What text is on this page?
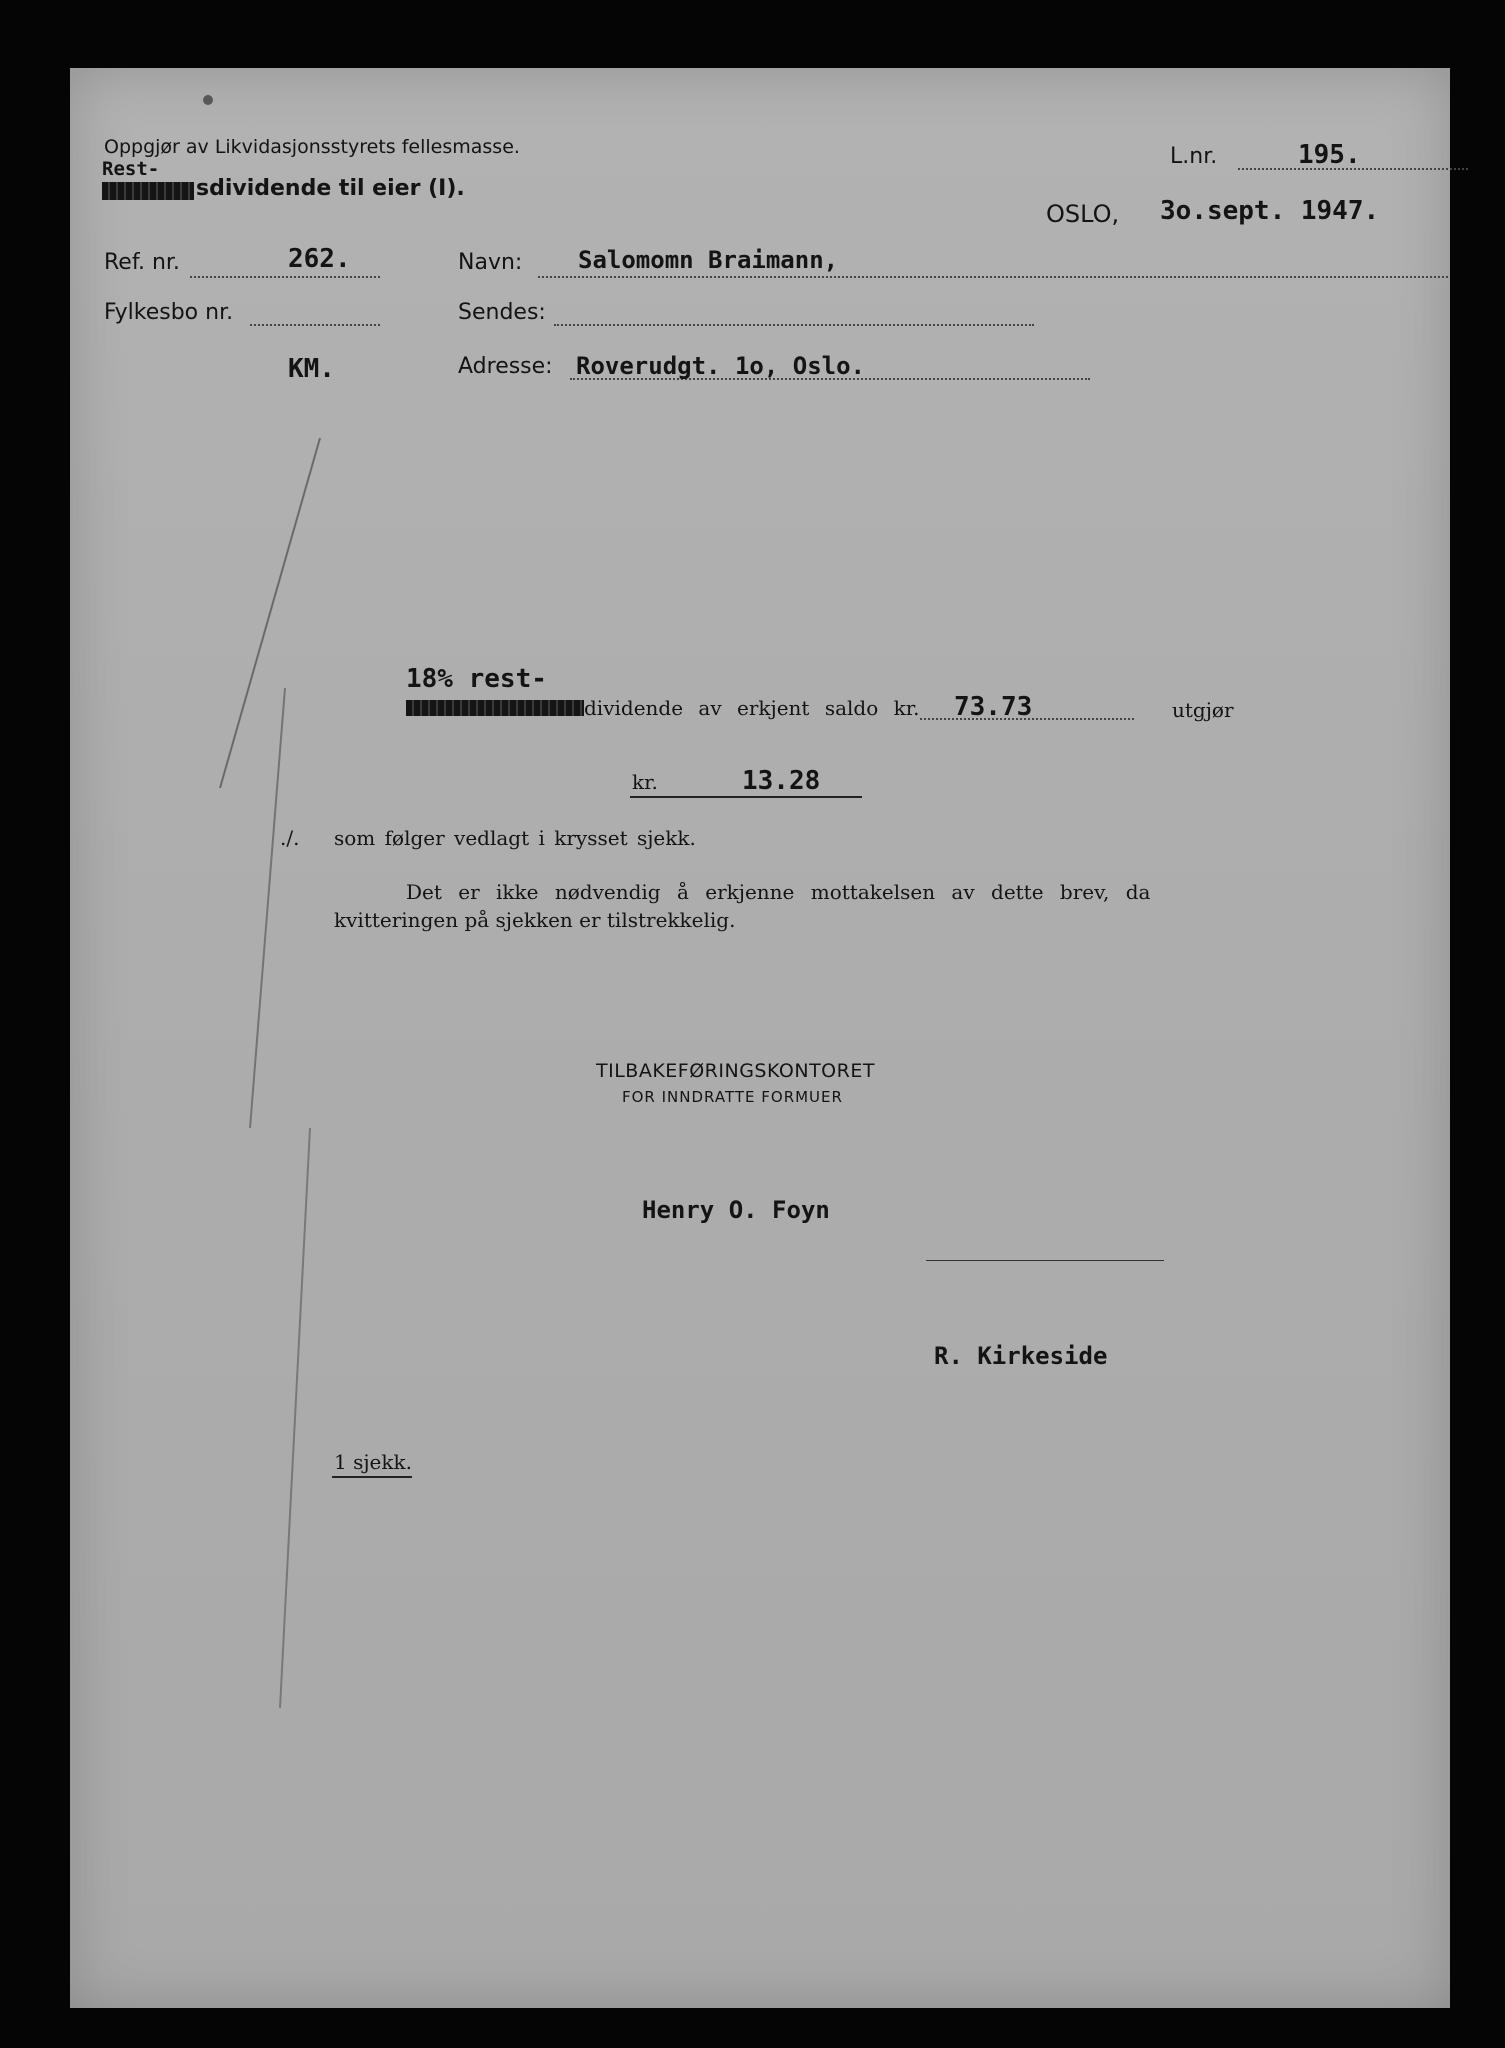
Oppgjør av Likvidasjonsstyrets fellesmasse.
Rest-
sdividende til eier (I).
L.nr.	195.
OSLO, 3o.sept. 1947.
Ref. nr.	262.	Navn: Salomomn Braimann,
Fylkesbo nr.	Sendes:
KM.	Adresse: Roverudgt. 1o, Oslo.
18% rest-
dividende av erkjent saldo kr. 73.73	utgjør
kr.	13.28
./. som følger vedlagt i krysset sjekk.
Det er ikke nødvendig å erkjenne mottakelsen av dette brev, da
kvitteringen på sjekken er tilstrekkelig.
TILBAKEFØRINGSKONTORET
FOR INNDRATTE FORMUER
Henry O. Foyn
R. Kirkeside
1 sjekk.
